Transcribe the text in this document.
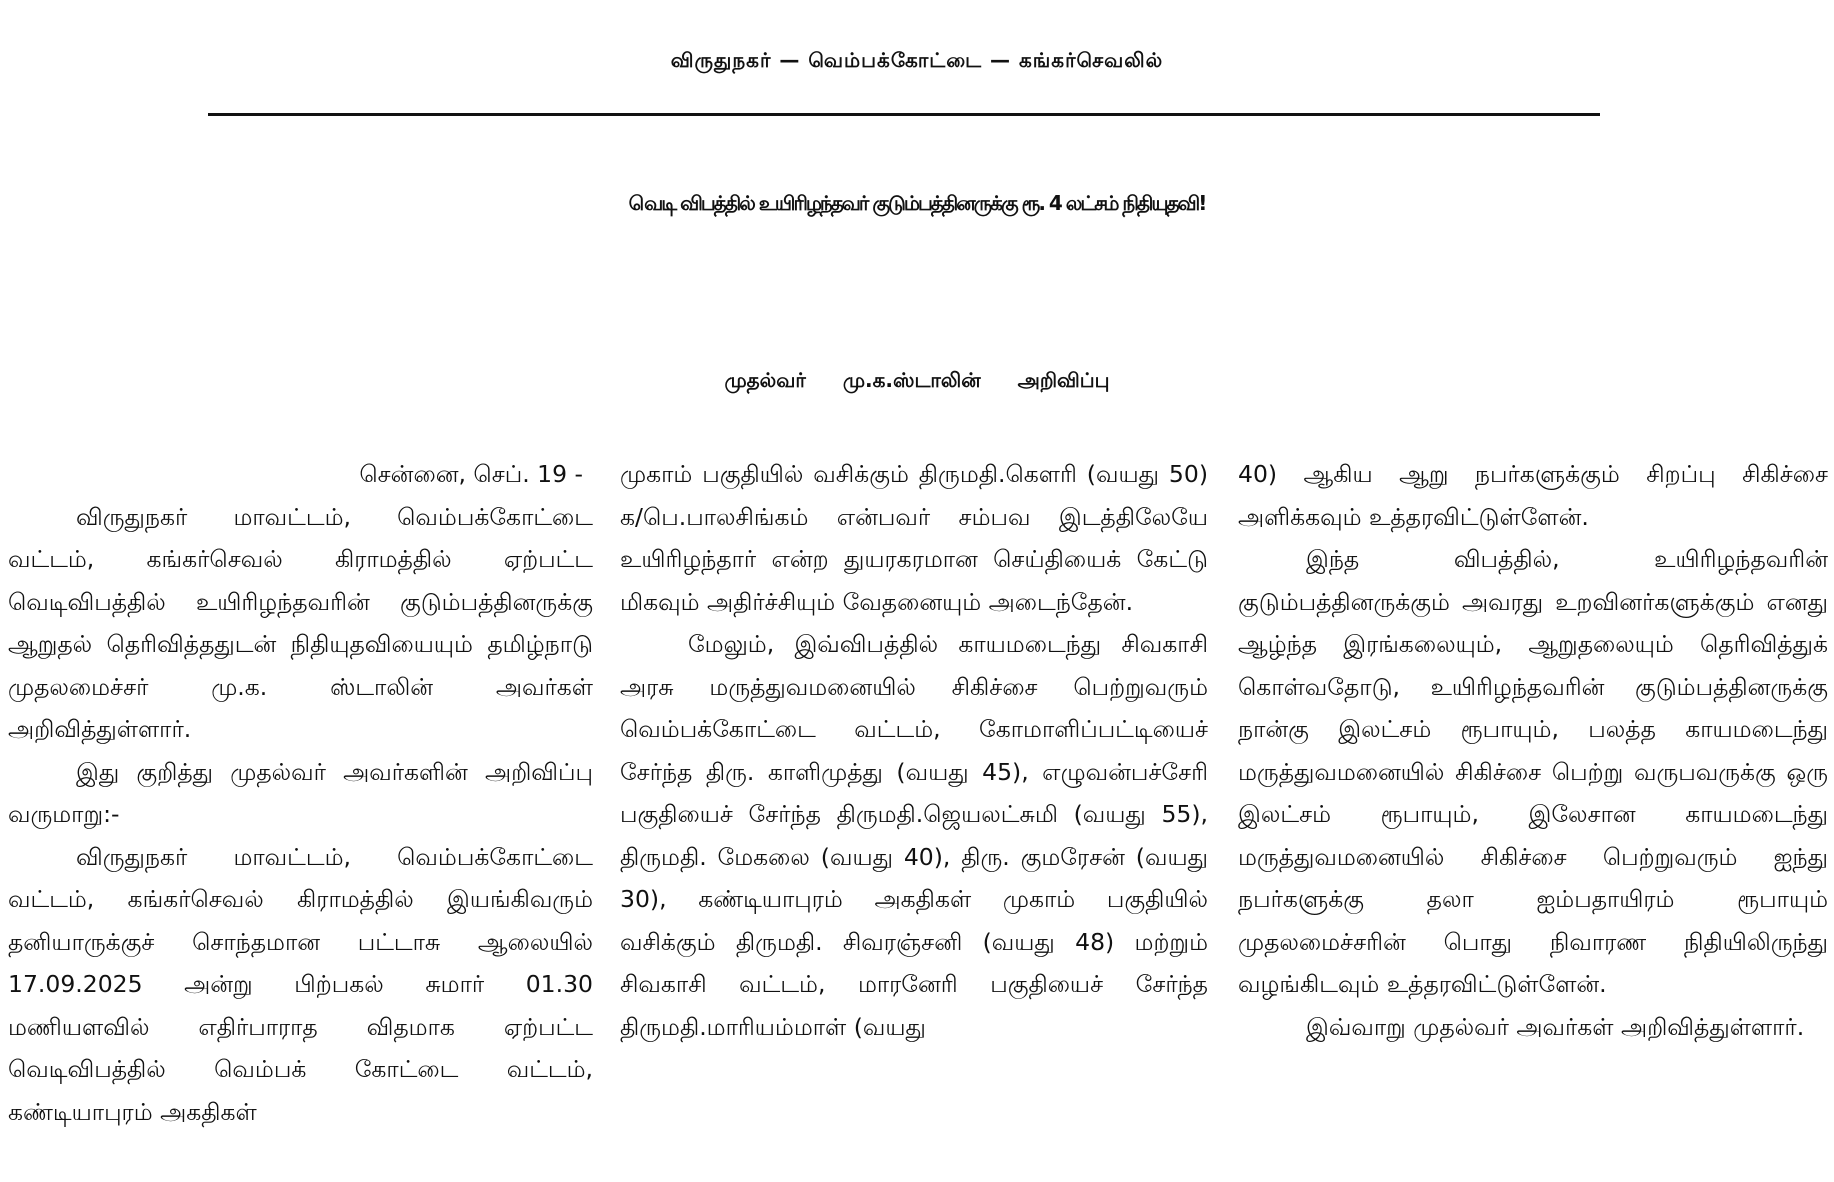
விருதுநகர் — வெம்பக்கோட்டை — கங்கர்செவலில்
வெடி விபத்தில் உயிரிழந்தவர் குடும்பத்தினருக்கு ரூ. 4 லட்சம் நிதியுதவி!
முதல்வர் மு.க.ஸ்டாலின் அறிவிப்பு

சென்னை, செப். 19 -

விருதுநகர் மாவட்டம், வெம்பக்கோட்டை வட்டம், கங்கர்செவல் கிராமத்தில் ஏற்பட்ட வெடிவிபத்தில் உயிரிழந்தவரின் குடும்பத்தினருக்கு ஆறுதல் தெரிவித்ததுடன் நிதியுதவியையும் தமிழ்நாடு முதலமைச்சர் மு.க. ஸ்டாலின் அவர்கள் அறிவித்துள்ளார்.

இது குறித்து முதல்வர் அவர்களின் அறிவிப்பு வருமாறு:-

விருதுநகர் மாவட்டம், வெம்பக்கோட்டை வட்டம், கங்கர்செவல் கிராமத்தில் இயங்கிவரும் தனியாருக்குச் சொந்தமான பட்டாசு ஆலையில் 17.09.2025 அன்று பிற்பகல் சுமார் 01.30 மணியளவில் எதிர்பாராத விதமாக ஏற்பட்ட வெடிவிபத்தில் வெம்பக் கோட்டை வட்டம், கண்டியாபுரம் அகதிகள்

முகாம் பகுதியில் வசிக்கும் திருமதி.கௌரி (வயது 50) க/பெ.பாலசிங்கம் என்பவர் சம்பவ இடத்திலேயே உயிரிழந்தார் என்ற துயரகரமான செய்தியைக் கேட்டு மிகவும் அதிர்ச்சியும் வேதனையும் அடைந்தேன்.

மேலும், இவ்விபத்தில் காயமடைந்து சிவகாசி அரசு மருத்துவமனையில் சிகிச்சை பெற்றுவரும் வெம்பக்கோட்டை வட்டம், கோமாளிப்பட்டியைச் சேர்ந்த திரு. காளிமுத்து (வயது 45), எழுவன்பச்சேரி பகுதியைச் சேர்ந்த திருமதி.ஜெயலட்சுமி (வயது 55), திருமதி. மேகலை (வயது 40), திரு. குமரேசன் (வயது 30), கண்டியாபுரம் அகதிகள் முகாம் பகுதியில் வசிக்கும் திருமதி. சிவரஞ்சனி (வயது 48) மற்றும் சிவகாசி வட்டம், மாரனேரி பகுதியைச் சேர்ந்த திருமதி.மாரியம்மாள் (வயது

40) ஆகிய ஆறு நபர்களுக்கும் சிறப்பு சிகிச்சை அளிக்கவும் உத்தரவிட்டுள்ளேன்.

இந்த விபத்தில், உயிரிழந்தவரின் குடும்பத்தினருக்கும் அவரது உறவினர்களுக்கும் எனது ஆழ்ந்த இரங்கலையும், ஆறுதலையும் தெரிவித்துக் கொள்வதோடு, உயிரிழந்தவரின் குடும்பத்தினருக்கு நான்கு இலட்சம் ரூபாயும், பலத்த காயமடைந்து மருத்துவமனையில் சிகிச்சை பெற்று வருபவருக்கு ஒரு இலட்சம் ரூபாயும், இலேசான காயமடைந்து மருத்துவமனையில் சிகிச்சை பெற்றுவரும் ஐந்து நபர்களுக்கு தலா ஐம்பதாயிரம் ரூபாயும் முதலமைச்சரின் பொது நிவாரண நிதியிலிருந்து வழங்கிடவும் உத்தரவிட்டுள்ளேன்.

இவ்வாறு முதல்வர் அவர்கள் அறிவித்துள்ளார்.
